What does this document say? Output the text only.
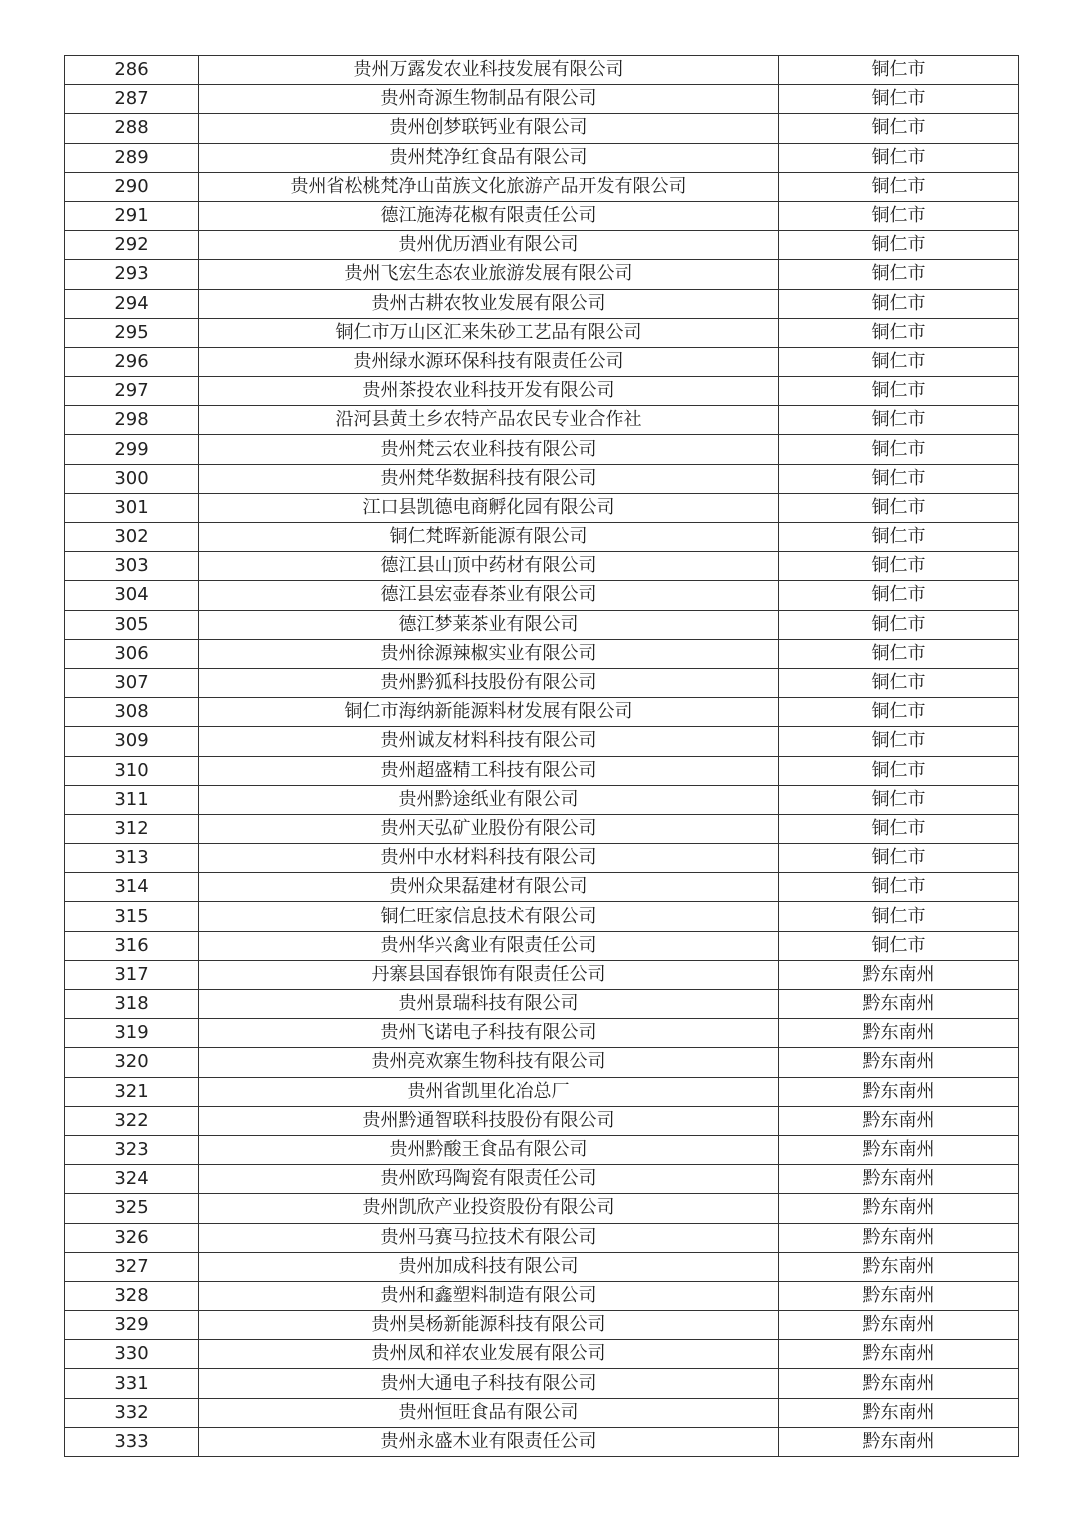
286	贵州万露发农业科技发展有限公司	铜仁市
287	贵州奇源生物制品有限公司	铜仁市
288	贵州创梦联钙业有限公司	铜仁市
289	贵州梵净红食品有限公司	铜仁市
290	贵州省松桃梵净山苗族文化旅游产品开发有限公司	铜仁市
291	德江施涛花椒有限责任公司	铜仁市
292	贵州优历酒业有限公司	铜仁市
293	贵州飞宏生态农业旅游发展有限公司	铜仁市
294	贵州古耕农牧业发展有限公司	铜仁市
295	铜仁市万山区汇来朱砂工艺品有限公司	铜仁市
296	贵州绿水源环保科技有限责任公司	铜仁市
297	贵州茶投农业科技开发有限公司	铜仁市
298	沿河县黄土乡农特产品农民专业合作社	铜仁市
299	贵州梵云农业科技有限公司	铜仁市
300	贵州梵华数据科技有限公司	铜仁市
301	江口县凯德电商孵化园有限公司	铜仁市
302	铜仁梵晖新能源有限公司	铜仁市
303	德江县山顶中药材有限公司	铜仁市
304	德江县宏壶春茶业有限公司	铜仁市
305	德江梦莱茶业有限公司	铜仁市
306	贵州徐源辣椒实业有限公司	铜仁市
307	贵州黔狐科技股份有限公司	铜仁市
308	铜仁市海纳新能源料材发展有限公司	铜仁市
309	贵州诚友材料科技有限公司	铜仁市
310	贵州超盛精工科技有限公司	铜仁市
311	贵州黔途纸业有限公司	铜仁市
312	贵州天弘矿业股份有限公司	铜仁市
313	贵州中水材料科技有限公司	铜仁市
314	贵州众果磊建材有限公司	铜仁市
315	铜仁旺家信息技术有限公司	铜仁市
316	贵州华兴禽业有限责任公司	铜仁市
317	丹寨县国春银饰有限责任公司	黔东南州
318	贵州景瑞科技有限公司	黔东南州
319	贵州飞诺电子科技有限公司	黔东南州
320	贵州亮欢寨生物科技有限公司	黔东南州
321	贵州省凯里化冶总厂	黔东南州
322	贵州黔通智联科技股份有限公司	黔东南州
323	贵州黔酸王食品有限公司	黔东南州
324	贵州欧玛陶瓷有限责任公司	黔东南州
325	贵州凯欣产业投资股份有限公司	黔东南州
326	贵州马赛马拉技术有限公司	黔东南州
327	贵州加成科技有限公司	黔东南州
328	贵州和鑫塑料制造有限公司	黔东南州
329	贵州昊杨新能源科技有限公司	黔东南州
330	贵州凤和祥农业发展有限公司	黔东南州
331	贵州大通电子科技有限公司	黔东南州
332	贵州恒旺食品有限公司	黔东南州
333	贵州永盛木业有限责任公司	黔东南州
